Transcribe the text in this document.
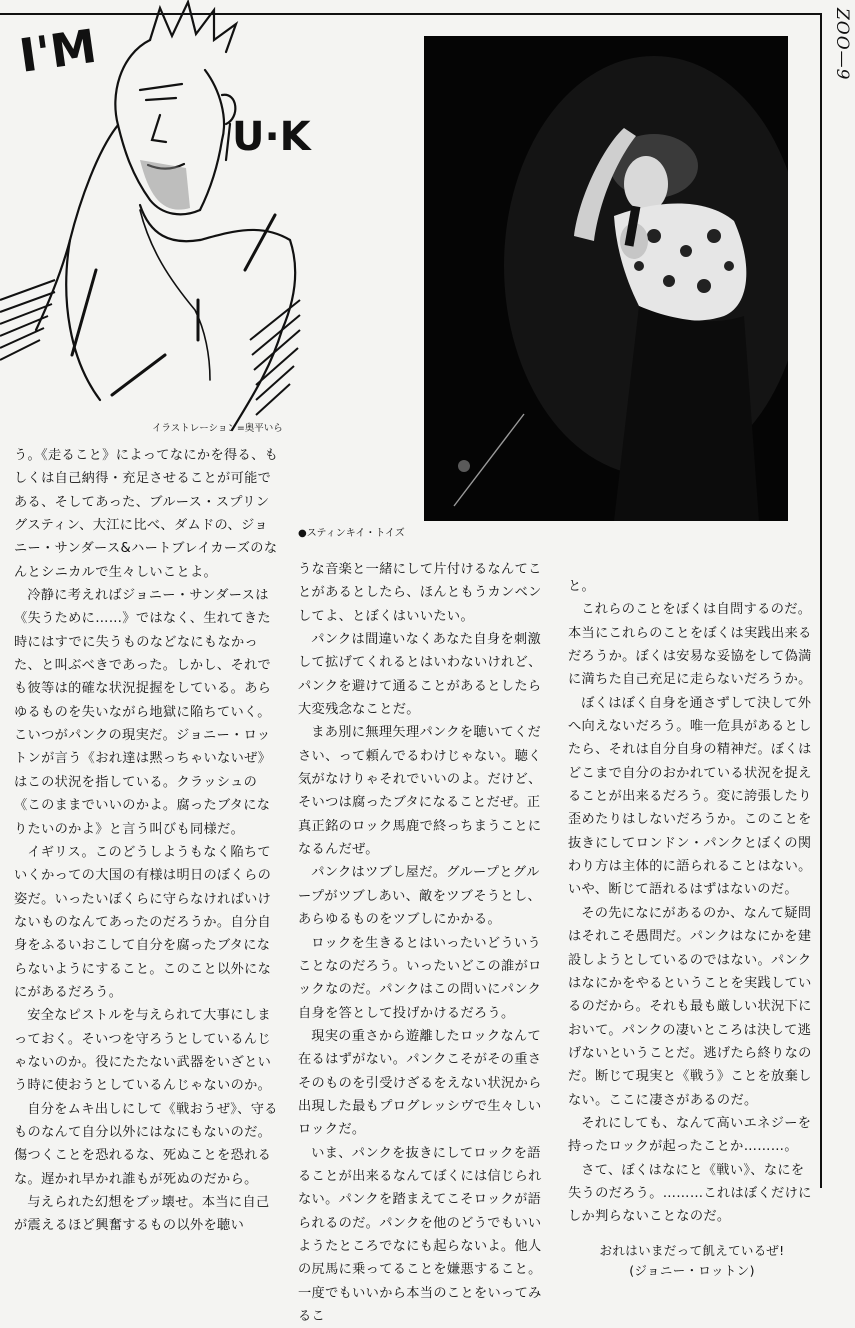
ZOO—9
I'M
U·K
イラストレーション=奥平いら
●スティンキイ・トイズ

う。《走ること》によってなにかを得る、もしくは自己納得・充足させることが可能である、そしてあった、ブルース・スプリングスティン、大江に比べ、ダムドの、ジョニー・サンダース&ハートブレイカーズのなんとシニカルで生々しいことよ。

冷静に考えればジョニー・サンダースは《失うために……》ではなく、生れてきた時にはすでに失うものなどなにもなかった、と叫ぶべきであった。しかし、それでも彼等は的確な状況捉握をしている。あらゆるものを失いながら地獄に陥ちていく。こいつがパンクの現実だ。ジョニー・ロットンが言う《おれ達は黙っちゃいないぜ》はこの状況を指している。クラッシュの《このままでいいのかよ。腐ったブタになりたいのかよ》と言う叫びも同様だ。

イギリス。このどうしようもなく陥ちていくかっての大国の有様は明日のぼくらの姿だ。いったいぼくらに守らなければいけないものなんてあったのだろうか。自分自身をふるいおこして自分を腐ったブタにならないようにすること。このこと以外になにがあるだろう。

安全なピストルを与えられて大事にしまっておく。そいつを守ろうとしているんじゃないのか。役にたたない武器をいざという時に使おうとしているんじゃないのか。

自分をムキ出しにして《戦おうぜ》、守るものなんて自分以外にはなにもないのだ。傷つくことを恐れるな、死ぬことを恐れるな。遅かれ早かれ誰もが死ぬのだから。

与えられた幻想をブッ壊せ。本当に自己が震えるほど興奮するもの以外を聴い

うな音楽と一緒にして片付けるなんてことがあるとしたら、ほんともうカンベンしてよ、とぼくはいいたい。

パンクは間違いなくあなた自身を刺激して拡げてくれるとはいわないけれど、パンクを避けて通ることがあるとしたら大変残念なことだ。

まあ別に無理矢理パンクを聴いてください、って頼んでるわけじゃない。聴く気がなけりゃそれでいいのよ。だけど、そいつは腐ったブタになることだぜ。正真正銘のロック馬鹿で終っちまうことになるんだぜ。

パンクはツブし屋だ。グループとグループがツブしあい、敵をツブそうとし、あらゆるものをツブしにかかる。

ロックを生きるとはいったいどういうことなのだろう。いったいどこの誰がロックなのだ。パンクはこの問いにパンク自身を答として投げかけるだろう。

現実の重さから遊離したロックなんて在るはずがない。パンクこそがその重さそのものを引受けざるをえない状況から出現した最もプログレッシヴで生々しいロックだ。

いま、パンクを抜きにしてロックを語ることが出来るなんてぼくには信じられない。パンクを踏まえてこそロックが語られるのだ。パンクを他のどうでもいいようたところでなにも起らないよ。他人の尻馬に乗ってることを嫌悪すること。一度でもいいから本当のことをいってみるこ

と。

これらのことをぼくは自問するのだ。本当にこれらのことをぼくは実践出来るだろうか。ぼくは安易な妥協をして偽満に満ちた自己充足に走らないだろうか。

ぼくはぼく自身を通さずして決して外へ向えないだろう。唯一危具があるとしたら、それは自分自身の精神だ。ぼくはどこまで自分のおかれている状況を捉えることが出来るだろう。変に誇張したり歪めたりはしないだろうか。このことを抜きにしてロンドン・パンクとぼくの関わり方は主体的に語られることはない。いや、断じて語れるはずはないのだ。

その先になにがあるのか、なんて疑問はそれこそ愚問だ。パンクはなにかを建設しようとしているのではない。パンクはなにかをやるということを実践しているのだから。それも最も厳しい状況下において。パンクの凄いところは決して逃げないということだ。逃げたら終りなのだ。断じて現実と《戦う》ことを放棄しない。ここに凄さがあるのだ。

それにしても、なんて高いエネジーを持ったロックが起ったことか………。

さて、ぼくはなにと《戦い》、なにを失うのだろう。………これはぼくだけにしか判らないことなのだ。

おれはいまだって飢えているぜ!
(ジョニー・ロットン)
